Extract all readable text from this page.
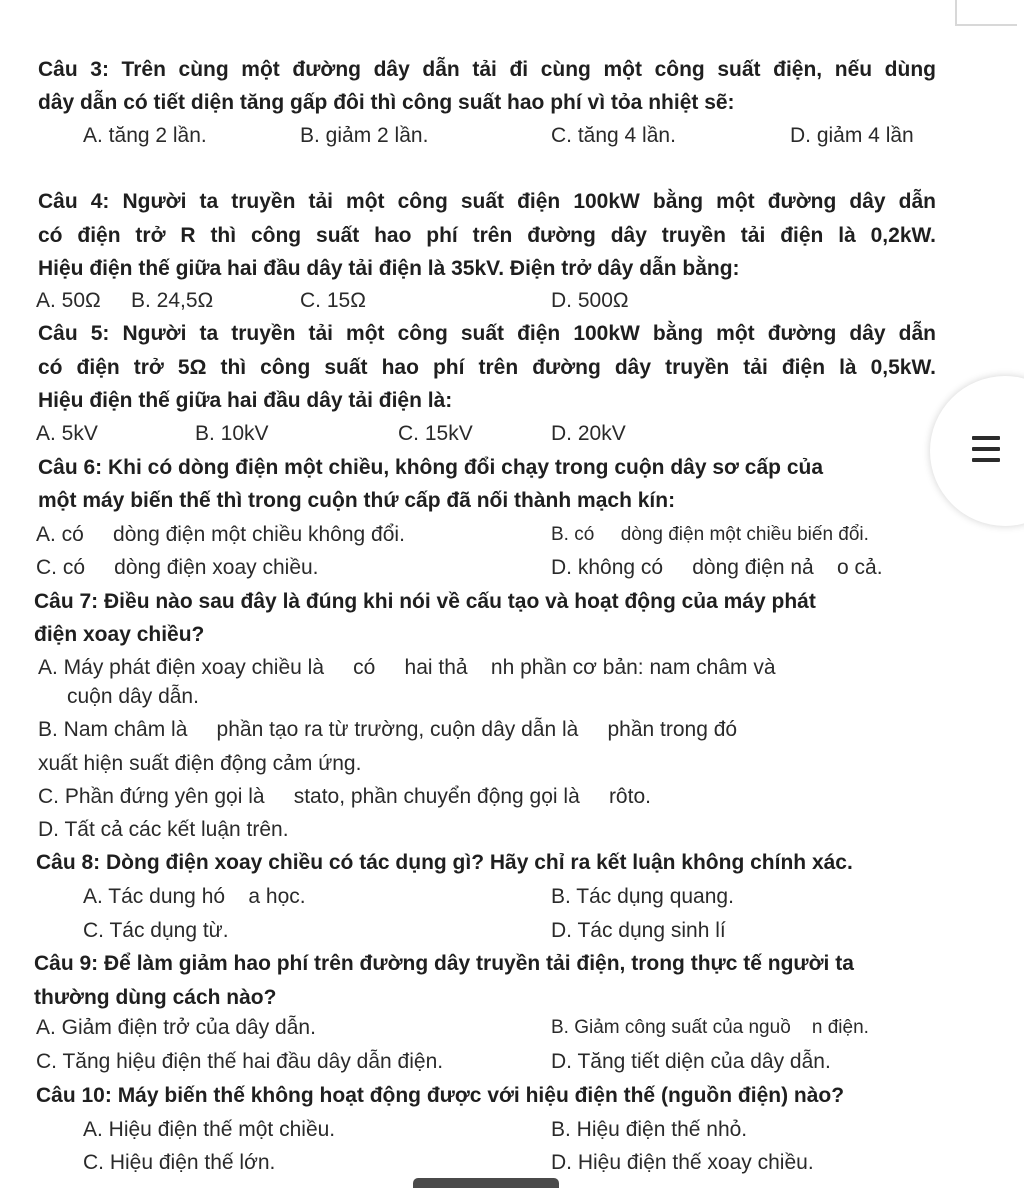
Câu 3: Trên cùng một đường dây dẫn tải đi cùng một công suất điện, nếu dùng
dây dẫn có tiết diện tăng gấp đôi thì công suất hao phí vì tỏa nhiệt sẽ:
A. tăng 2 lần.	B. giảm 2 lần.	C. tăng 4 lần.	D. giảm 4 lần
Câu 4: Người ta truyền tải một công suất điện 100kW bằng một đường dây dẫn
có điện trở R thì công suất hao phí trên đường dây truyền tải điện là 0,2kW.
Hiệu điện thế giữa hai đầu dây tải điện là 35kV. Điện trở dây dẫn bằng:
A. 50Ω B. 24,5Ω	C. 15Ω	D. 500Ω
Câu 5: Người ta truyền tải một công suất điện 100kW bằng một đường dây dẫn
có điện trở 5Ω thì công suất hao phí trên đường dây truyền tải điện là 0,5kW.
Hiệu điện thế giữa hai đầu dây tải điện là:
A. 5kV	B. 10kV	C. 15kV	D. 20kV
Câu 6: Khi có dòng điện một chiều, không đổi chạy trong cuộn dây sơ cấp của
một máy biến thế thì trong cuộn thứ cấp đã nối thành mạch kín:
A. có     dòng điện một chiều không đổi.	B. có     dòng điện một chiều biến đổi.
C. có     dòng điện xoay chiều.	D. không có     dòng điện nả    o cả.
Câu 7: Điều nào sau đây là đúng khi nói về cấu tạo và hoạt động của máy phát
điện xoay chiều?
A. Máy phát điện xoay chiều là     có     hai thả    nh phần cơ bản: nam châm và
cuộn dây dẫn.
B. Nam châm là     phần tạo ra từ trường, cuộn dây dẫn là     phần trong đó
xuất hiện suất điện động cảm ứng.
C. Phần đứng yên gọi là     stato, phần chuyển động gọi là     rôto.
D. Tất cả các kết luận trên.
Câu 8: Dòng điện xoay chiều có tác dụng gì? Hãy chỉ ra kết luận không chính xác.
A. Tác dung hó    a học.	B. Tác dụng quang.
C. Tác dụng từ.	D. Tác dụng sinh lí
Câu 9: Để làm giảm hao phí trên đường dây truyền tải điện, trong thực tế người ta
thường dùng cách nào?
A. Giảm điện trở của dây dẫn.	B. Giảm công suất của nguồ    n điện.
C. Tăng hiệu điện thế hai đầu dây dẫn điện.	D. Tăng tiết diện của dây dẫn.
Câu 10: Máy biến thế không hoạt động được với hiệu điện thế (nguồn điện) nào?
A. Hiệu điện thế một chiều.	B. Hiệu điện thế nhỏ.
C. Hiệu điện thế lớn.	D. Hiệu điện thế xoay chiều.
